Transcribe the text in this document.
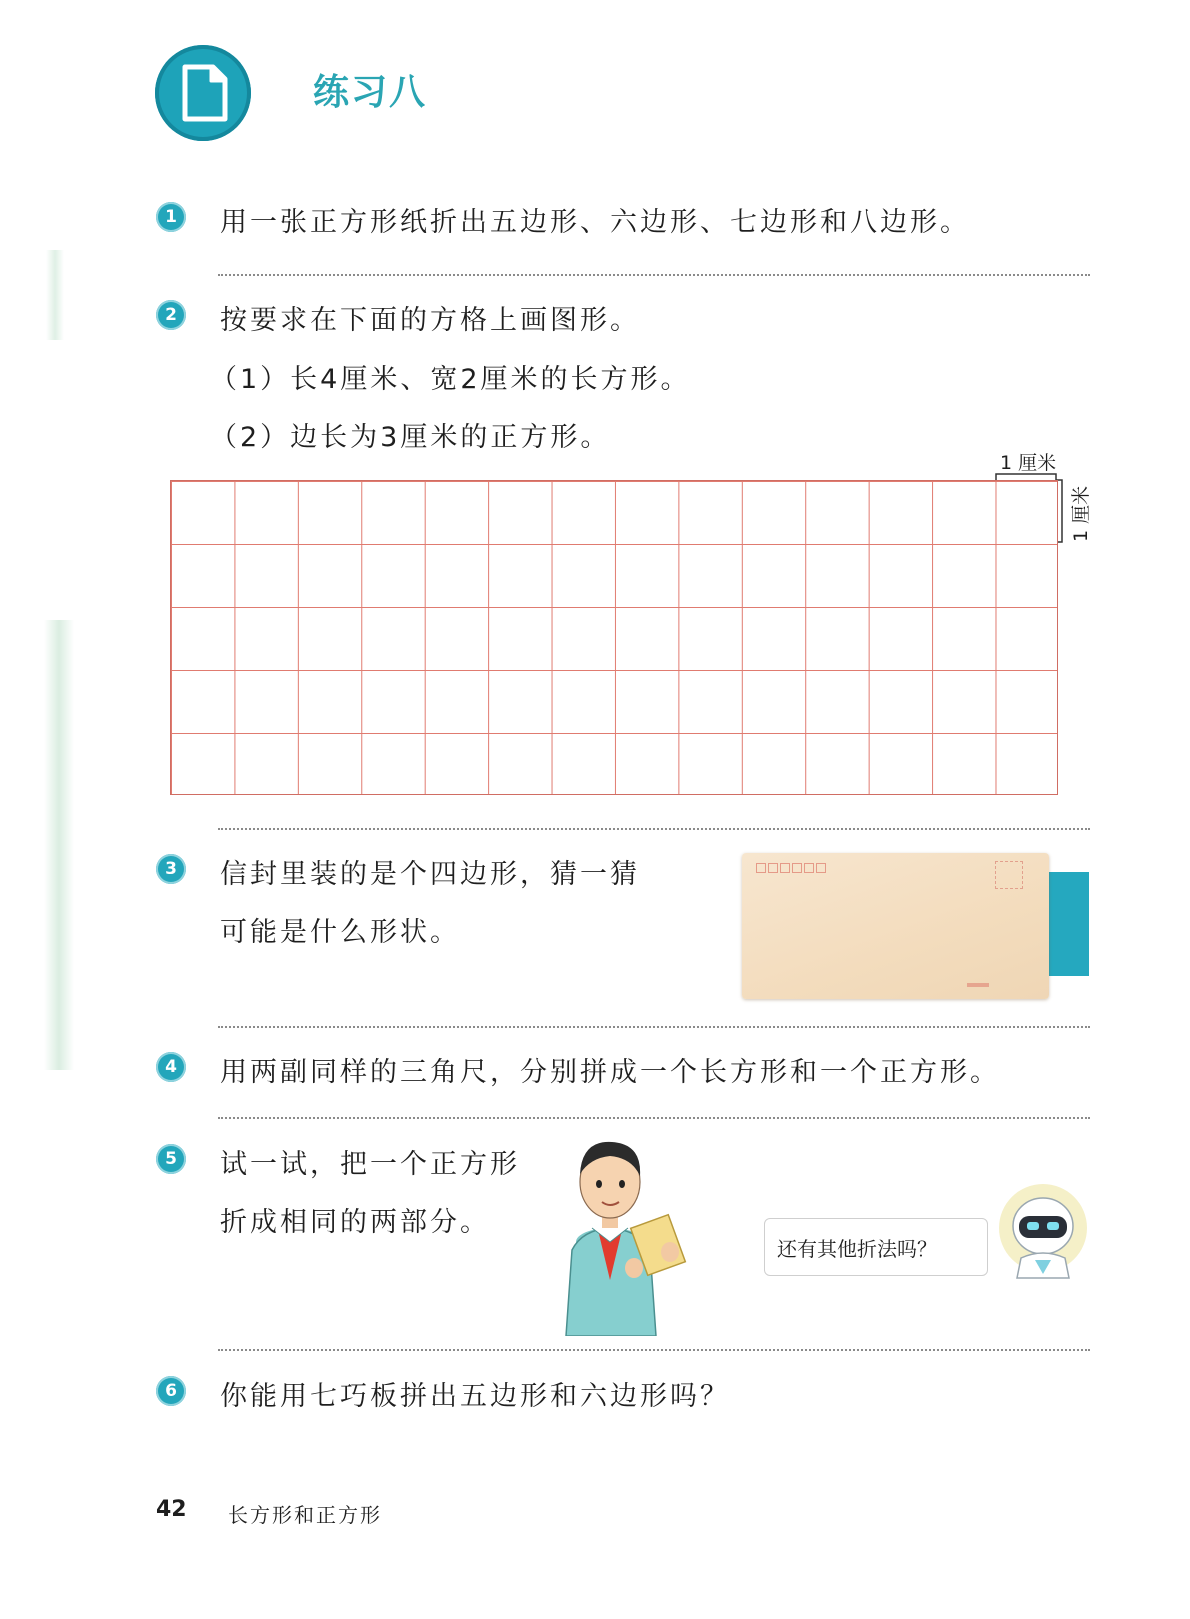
练习八
1	用一张正方形纸折出五边形、六边形、七边形和八边形。
2	按要求在下面的方格上画图形。
（1）长4厘米、宽2厘米的长方形。
（2）边长为3厘米的正方形。
1 厘米
1 厘米
3	信封里装的是个四边形，猜一猜
可能是什么形状。
4	用两副同样的三角尺，分别拼成一个长方形和一个正方形。
5	试一试，把一个正方形
折成相同的两部分。
还有其他折法吗？
6	你能用七巧板拼出五边形和六边形吗？
42 长方形和正方形
